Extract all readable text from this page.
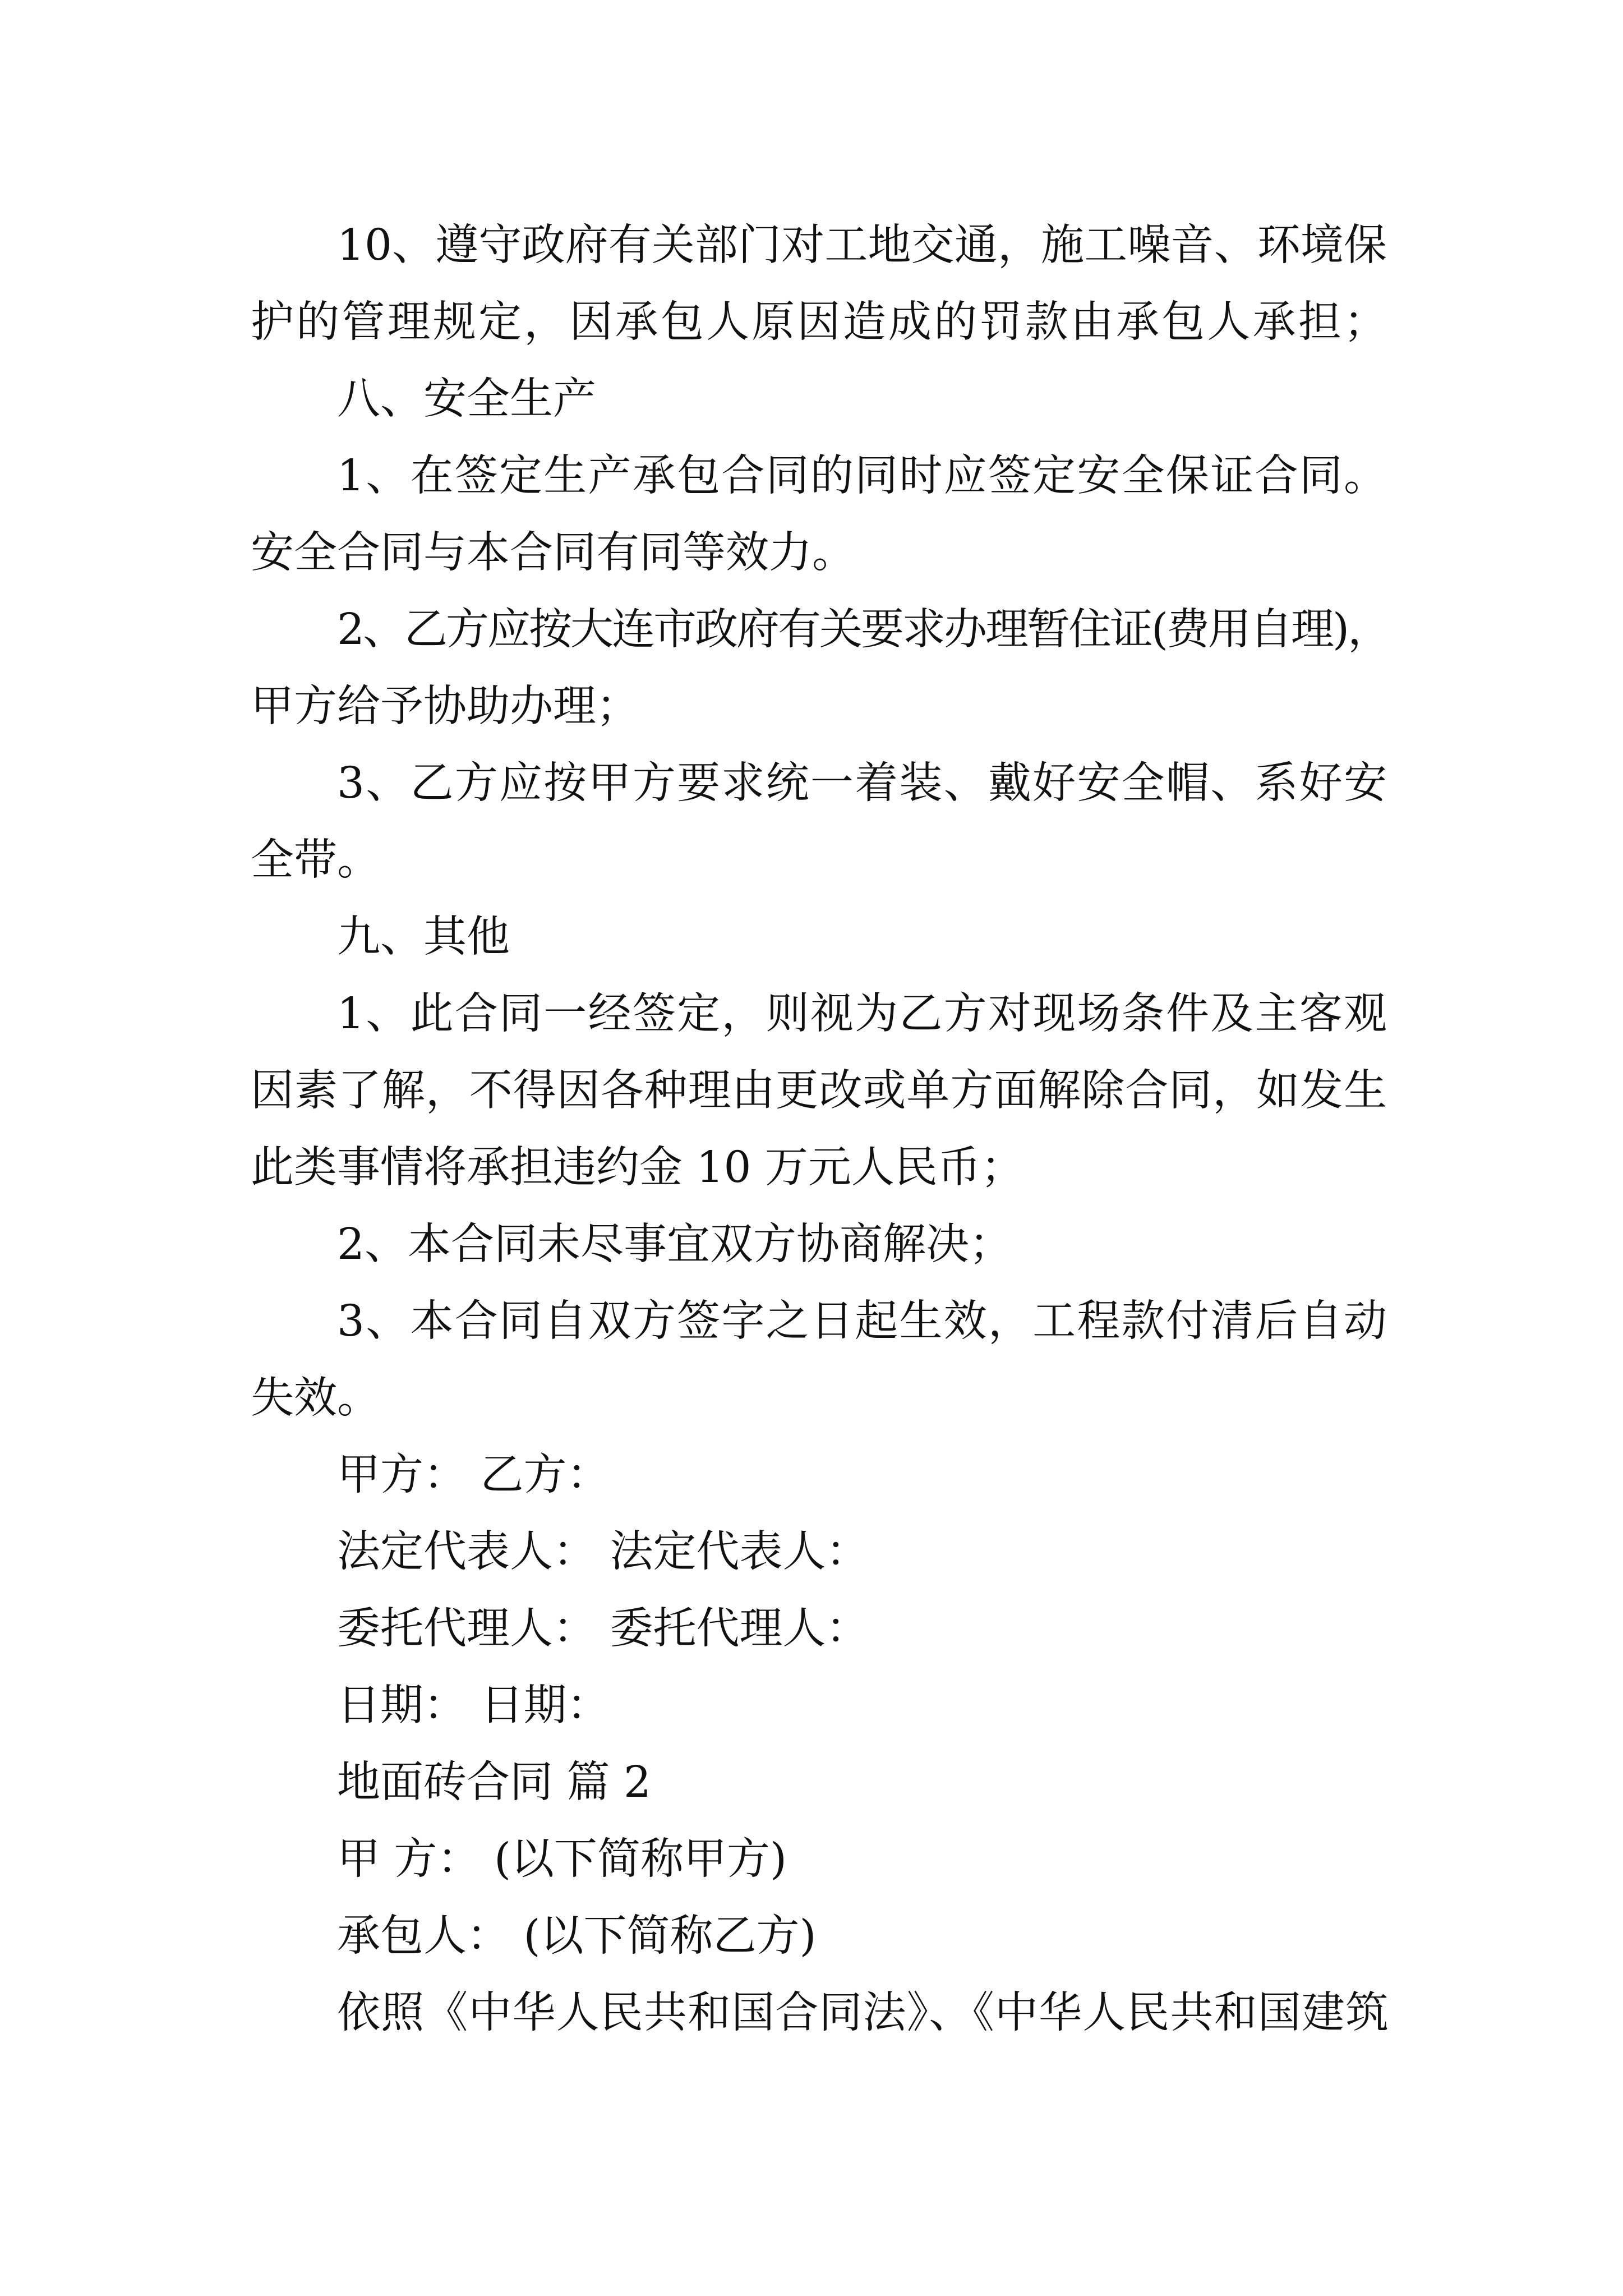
10、遵守政府有关部门对工地交通，施工噪音、环境保
护的管理规定，因承包人原因造成的罚款由承包人承担；
八、安全生产
1、在签定生产承包合同的同时应签定安全保证合同。
安全合同与本合同有同等效力。
2、乙方应按大连市政府有关要求办理暂住证(费用自理)，
甲方给予协助办理；
3、乙方应按甲方要求统一着装、戴好安全帽、系好安
全带。
九、其他
1、此合同一经签定，则视为乙方对现场条件及主客观
因素了解，不得因各种理由更改或单方面解除合同，如发生
此类事情将承担违约金 10 万元人民币；
2、本合同未尽事宜双方协商解决；
3、本合同自双方签字之日起生效，工程款付清后自动
失效。
甲方： 乙方：
法定代表人： 法定代表人：
委托代理人： 委托代理人：
日期： 日期：
地面砖合同 篇 2
甲 方： (以下简称甲方)
承包人： (以下简称乙方)
依照《中华人民共和国合同法》、《中华人民共和国建筑
